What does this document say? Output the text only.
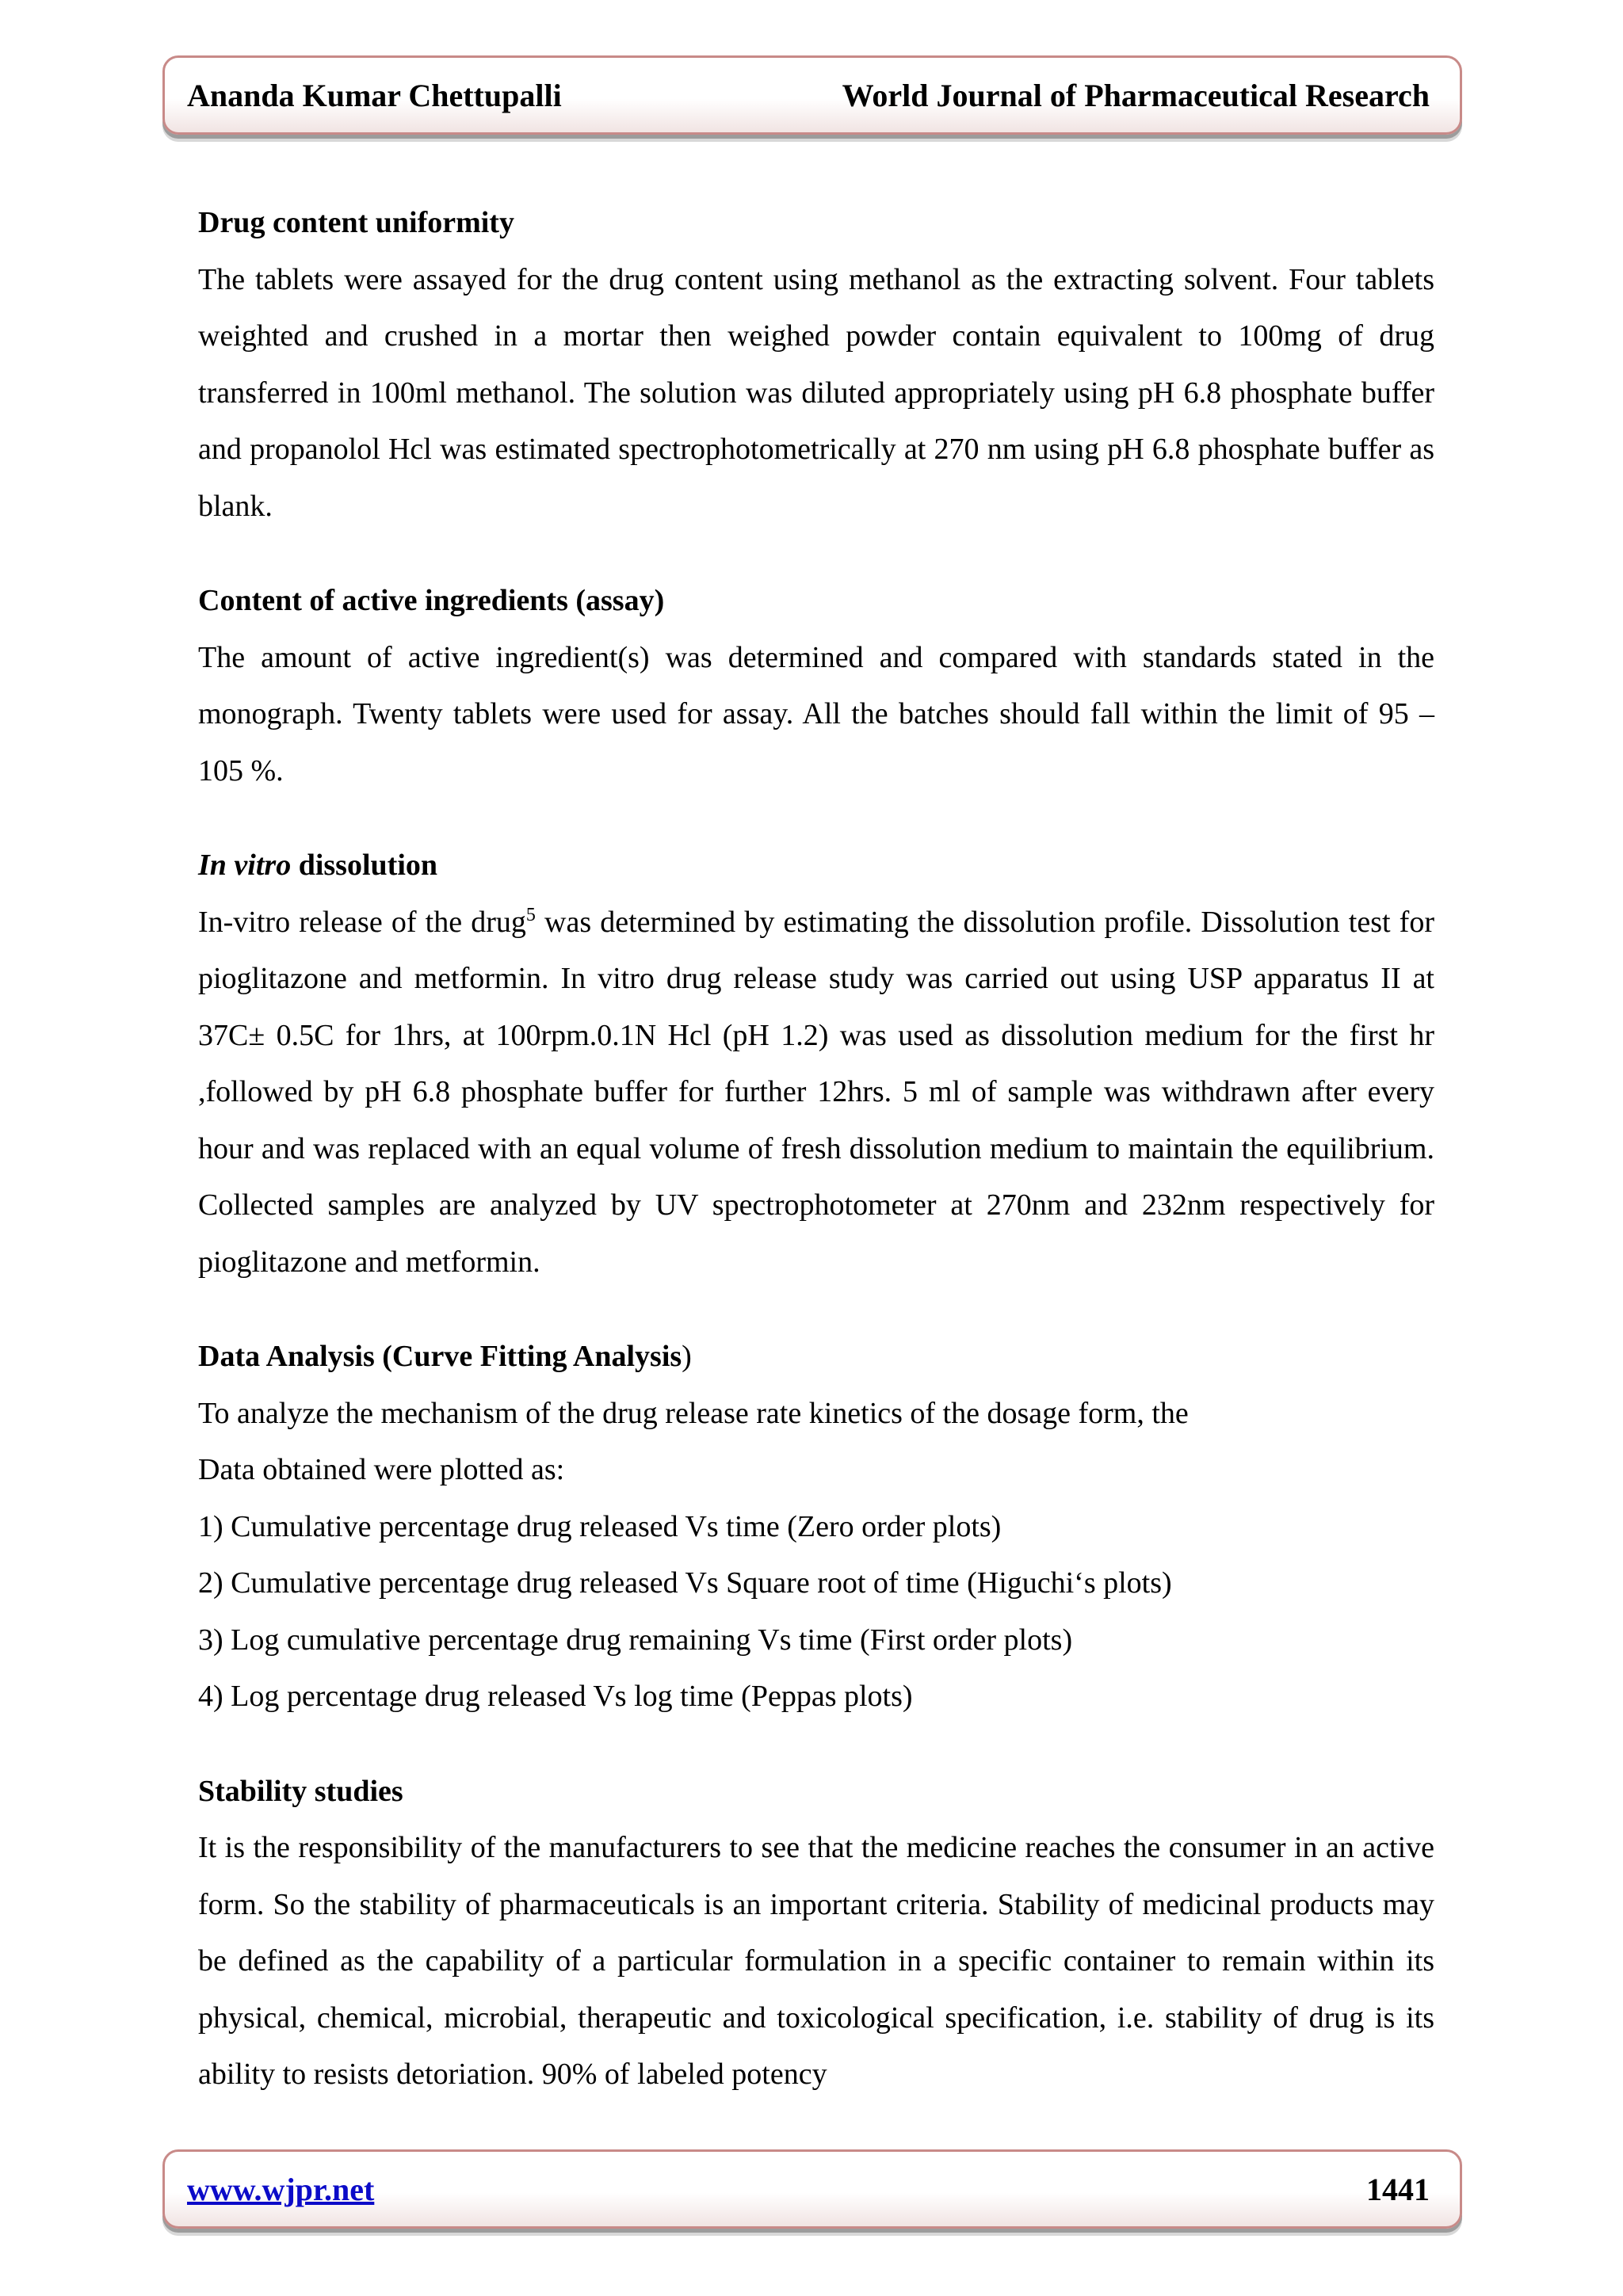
Ananda Kumar Chettupalli	World Journal of Pharmaceutical Research
Drug content uniformity

The tablets were assayed for the drug content using methanol as the extracting solvent. Four tablets weighted and crushed in a mortar then weighed powder contain equivalent to 100mg of drug transferred in 100ml methanol. The solution was diluted appropriately using pH 6.8 phosphate buffer and propanolol Hcl was estimated spectrophotometrically at 270 nm using pH 6.8 phosphate buffer as blank.

Content of active ingredients (assay)

The amount of active ingredient(s) was determined and compared with standards stated in the monograph. Twenty tablets were used for assay. All the batches should fall within the limit of 95 – 105 %.

In vitro dissolution

In-vitro release of the drug$^5$ was determined by estimating the dissolution profile. Dissolution test for pioglitazone and metformin. In vitro drug release study was carried out using USP apparatus II at 37C± 0.5C for 1hrs, at 100rpm.0.1N Hcl (pH 1.2) was used as dissolution medium for the first hr ,followed by pH 6.8 phosphate buffer for further 12hrs. 5 ml of sample was withdrawn after every hour and was replaced with an equal volume of fresh dissolution medium to maintain the equilibrium. Collected samples are analyzed by UV spectrophotometer at 270nm and 232nm respectively for pioglitazone and metformin.

Data Analysis (Curve Fitting Analysis)
To analyze the mechanism of the drug release rate kinetics of the dosage form, the
Data obtained were plotted as:
1) Cumulative percentage drug released Vs time (Zero order plots)
2) Cumulative percentage drug released Vs Square root of time (Higuchi‘s plots)
3) Log cumulative percentage drug remaining Vs time (First order plots)
4) Log percentage drug released Vs log time (Peppas plots)
Stability studies

It is the responsibility of the manufacturers to see that the medicine reaches the consumer in an active form. So the stability of pharmaceuticals is an important criteria. Stability of medicinal products may be defined as the capability of a particular formulation in a specific container to remain within its physical, chemical, microbial, therapeutic and toxicological specification, i.e. stability of drug is its ability to resists detoriation. 90% of labeled potency

www.wjpr.net	1441
